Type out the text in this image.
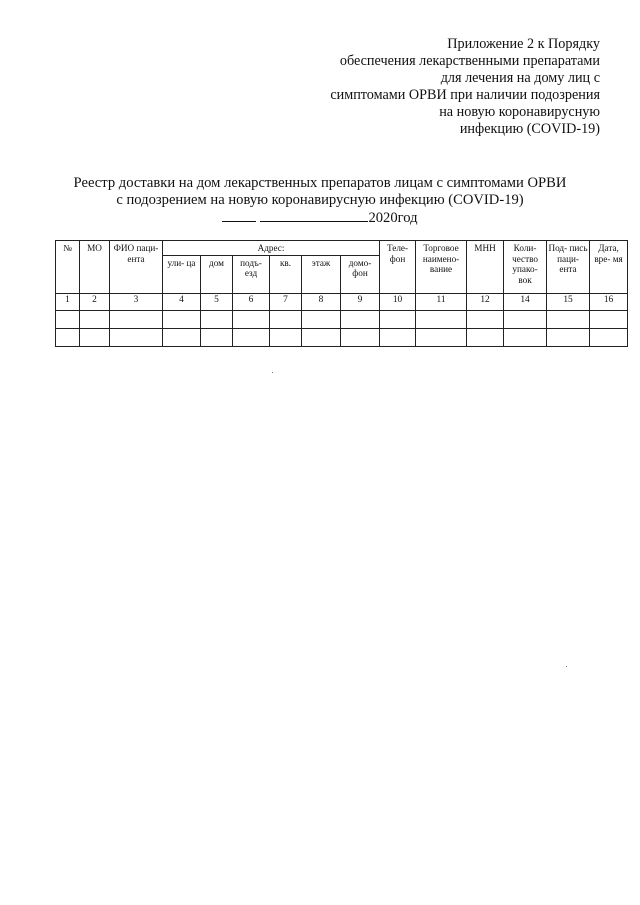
Приложение 2 к Порядку
обеспечения лекарственными препаратами
для лечения на дому лиц с
симптомами ОРВИ при наличии подозрения
на новую коронавирусную
инфекцию (COVID-19)
Реестр доставки на дом лекарственных препаратов лицам с симптомами ОРВИ
с подозрением на новую коронавирусную инфекцию (COVID-19)
2020год
№	МО	ФИО паци- ента	Адрес:						Теле- фон	Торговое наимено- вание	МНН	Коли- чество упако- вок	Под- пись паци- ента	Дата, вре- мя
			ули- ца	дом	подъ- езд	кв.	этаж	домо- фон						
1	2	3	4	5	6	7	8	9	10	11	12	14	15	16
